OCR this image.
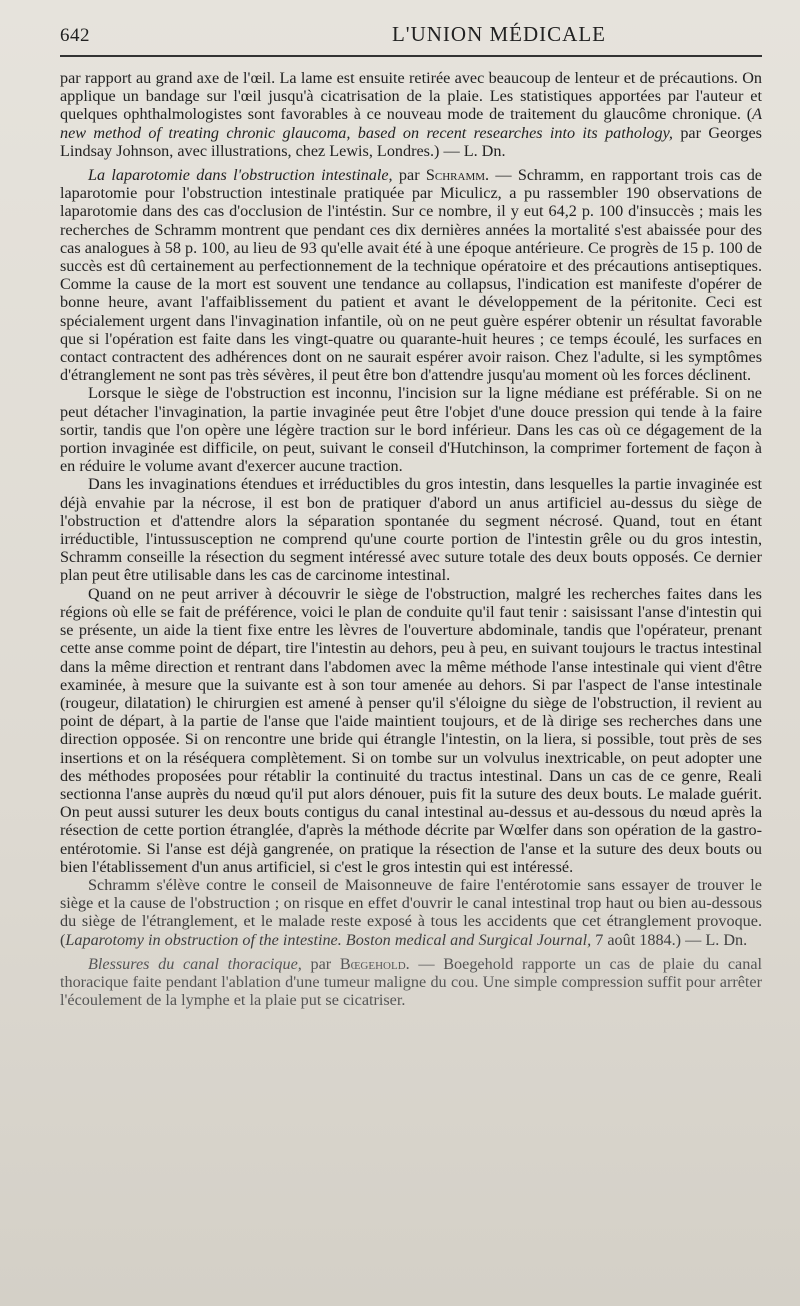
642	L'UNION MÉDICALE

par rapport au grand axe de l'œil. La lame est ensuite retirée avec beaucoup de lenteur et de précautions. On applique un bandage sur l'œil jusqu'à cicatrisation de la plaie. Les statistiques apportées par l'auteur et quelques ophthalmologistes sont favorables à ce nouveau mode de traitement du glaucôme chronique. (A new method of treating chronic glaucoma, based on recent researches into its pathology, par Georges Lindsay Johnson, avec illustrations, chez Lewis, Londres.) — L. Dn.

La laparotomie dans l'obstruction intestinale, par Schramm. — Schramm, en rapportant trois cas de laparotomie pour l'obstruction intestinale pratiquée par Miculicz, a pu rassembler 190 observations de laparotomie dans des cas d'occlusion de l'intéstin. Sur ce nombre, il y eut 64,2 p. 100 d'insuccès ; mais les recherches de Schramm montrent que pendant ces dix dernières années la mortalité s'est abaissée pour des cas analogues à 58 p. 100, au lieu de 93 qu'elle avait été à une époque antérieure. Ce progrès de 15 p. 100 de succès est dû certainement au perfectionnement de la technique opératoire et des précautions antiseptiques. Comme la cause de la mort est souvent une tendance au collapsus, l'indication est manifeste d'opérer de bonne heure, avant l'affaiblissement du patient et avant le développement de la péritonite. Ceci est spécialement urgent dans l'invagination infantile, où on ne peut guère espérer obtenir un résultat favorable que si l'opération est faite dans les vingt-quatre ou quarante-huit heures ; ce temps écoulé, les surfaces en contact contractent des adhérences dont on ne saurait espérer avoir raison. Chez l'adulte, si les symptômes d'étranglement ne sont pas très sévères, il peut être bon d'attendre jusqu'au moment où les forces déclinent.

Lorsque le siège de l'obstruction est inconnu, l'incision sur la ligne médiane est préférable. Si on ne peut détacher l'invagination, la partie invaginée peut être l'objet d'une douce pression qui tende à la faire sortir, tandis que l'on opère une légère traction sur le bord inférieur. Dans les cas où ce dégagement de la portion invaginée est difficile, on peut, suivant le conseil d'Hutchinson, la comprimer fortement de façon à en réduire le volume avant d'exercer aucune traction.

Dans les invaginations étendues et irréductibles du gros intestin, dans lesquelles la partie invaginée est déjà envahie par la nécrose, il est bon de pratiquer d'abord un anus artificiel au-dessus du siège de l'obstruction et d'attendre alors la séparation spontanée du segment nécrosé. Quand, tout en étant irréductible, l'intussusception ne comprend qu'une courte portion de l'intestin grêle ou du gros intestin, Schramm conseille la résection du segment intéressé avec suture totale des deux bouts opposés. Ce dernier plan peut être utilisable dans les cas de carcinome intestinal.

Quand on ne peut arriver à découvrir le siège de l'obstruction, malgré les recherches faites dans les régions où elle se fait de préférence, voici le plan de conduite qu'il faut tenir : saisissant l'anse d'intestin qui se présente, un aide la tient fixe entre les lèvres de l'ouverture abdominale, tandis que l'opérateur, prenant cette anse comme point de départ, tire l'intestin au dehors, peu à peu, en suivant toujours le tractus intestinal dans la même direction et rentrant dans l'abdomen avec la même méthode l'anse intestinale qui vient d'être examinée, à mesure que la suivante est à son tour amenée au dehors. Si par l'aspect de l'anse intestinale (rougeur, dilatation) le chirurgien est amené à penser qu'il s'éloigne du siège de l'obstruction, il revient au point de départ, à la partie de l'anse que l'aide maintient toujours, et de là dirige ses recherches dans une direction opposée. Si on rencontre une bride qui étrangle l'intestin, on la liera, si possible, tout près de ses insertions et on la réséquera complètement. Si on tombe sur un volvulus inextricable, on peut adopter une des méthodes proposées pour rétablir la continuité du tractus intestinal. Dans un cas de ce genre, Reali sectionna l'anse auprès du nœud qu'il put alors dénouer, puis fit la suture des deux bouts. Le malade guérit. On peut aussi suturer les deux bouts contigus du canal intestinal au-dessus et au-dessous du nœud après la résection de cette portion étranglée, d'après la méthode décrite par Wœlfer dans son opération de la gastro-entérotomie. Si l'anse est déjà gangrenée, on pratique la résection de l'anse et la suture des deux bouts ou bien l'établissement d'un anus artificiel, si c'est le gros intestin qui est intéressé.

Schramm s'élève contre le conseil de Maisonneuve de faire l'entérotomie sans essayer de trouver le siège et la cause de l'obstruction ; on risque en effet d'ouvrir le canal intestinal trop haut ou bien au-dessous du siège de l'étranglement, et le malade reste exposé à tous les accidents que cet étranglement provoque. (Laparotomy in obstruction of the intestine. Boston medical and Surgical Journal, 7 août 1884.) — L. Dn.

Blessures du canal thoracique, par Bœgehold. — Boegehold rapporte un cas de plaie du canal thoracique faite pendant l'ablation d'une tumeur maligne du cou. Une simple compression suffit pour arrêter l'écoulement de la lymphe et la plaie put se cicatriser.
